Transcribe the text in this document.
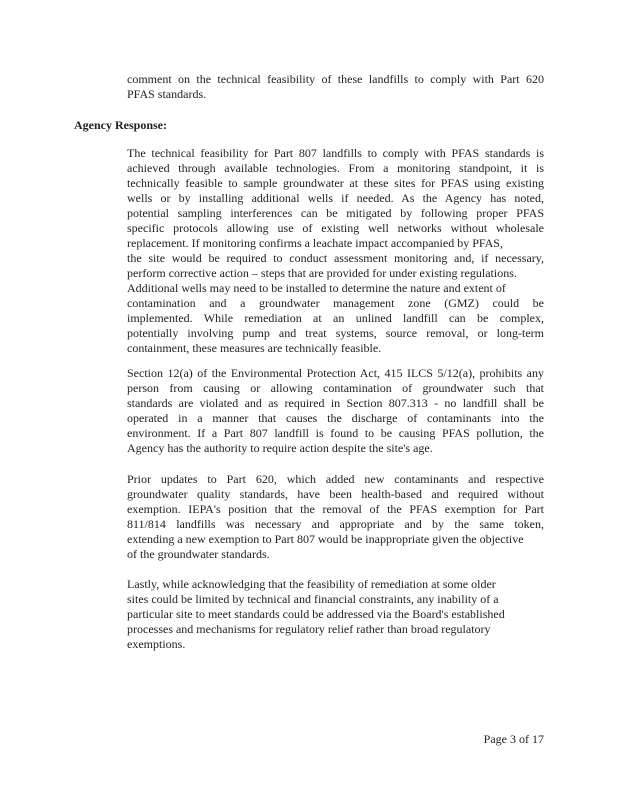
comment on the technical feasibility of these landfills to comply with Part 620
PFAS standards.
Agency Response:
The technical feasibility for Part 807 landfills to comply with PFAS standards is
achieved through available technologies. From a monitoring standpoint, it is
technically feasible to sample groundwater at these sites for PFAS using existing
wells or by installing additional wells if needed. As the Agency has noted,
potential sampling interferences can be mitigated by following proper PFAS
specific protocols allowing use of existing well networks without wholesale
replacement. If monitoring confirms a leachate impact accompanied by PFAS,
the site would be required to conduct assessment monitoring and, if necessary,
perform corrective action – steps that are provided for under existing regulations.
Additional wells may need to be installed to determine the nature and extent of
contamination and a groundwater management zone (GMZ) could be
implemented. While remediation at an unlined landfill can be complex,
potentially involving pump and treat systems, source removal, or long-term
containment, these measures are technically feasible.
Section 12(a) of the Environmental Protection Act, 415 ILCS 5/12(a), prohibits any
person from causing or allowing contamination of groundwater such that
standards are violated and as required in Section 807.313 - no landfill shall be
operated in a manner that causes the discharge of contaminants into the
environment. If a Part 807 landfill is found to be causing PFAS pollution, the
Agency has the authority to require action despite the site's age.
Prior updates to Part 620, which added new contaminants and respective
groundwater quality standards, have been health-based and required without
exemption. IEPA's position that the removal of the PFAS exemption for Part
811/814 landfills was necessary and appropriate and by the same token,
extending a new exemption to Part 807 would be inappropriate given the objective
of the groundwater standards.
Lastly, while acknowledging that the feasibility of remediation at some older
sites could be limited by technical and financial constraints, any inability of a
particular site to meet standards could be addressed via the Board's established
processes and mechanisms for regulatory relief rather than broad regulatory
exemptions.
Page 3 of 17
